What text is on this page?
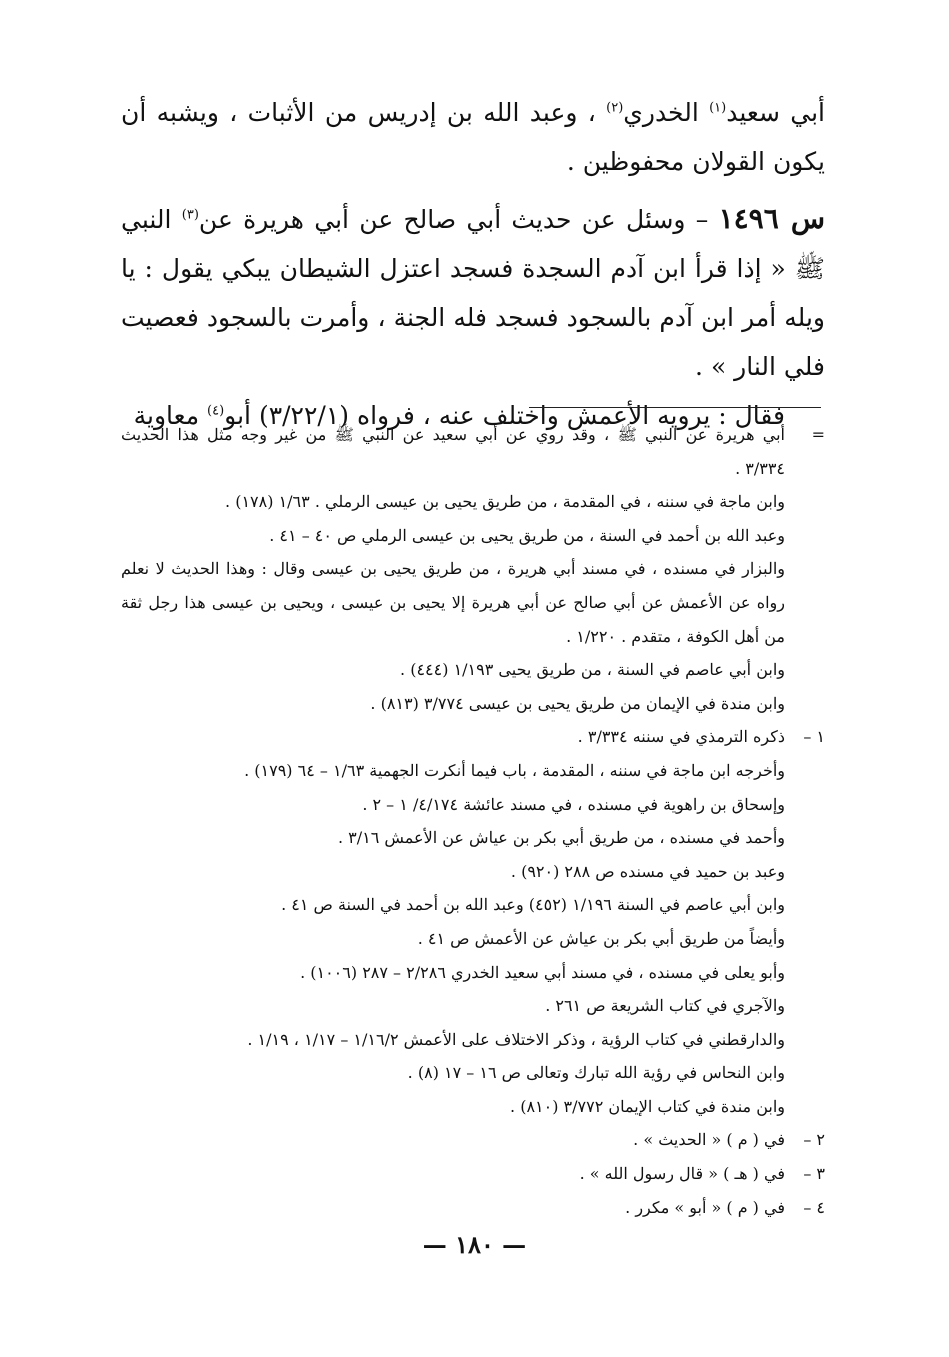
أبي سعيد$^{(١)}$ الخدري$^{(٢)}$ ، وعبد الله بن إدريس من الأثبات ، ويشبه أن يكون القولان محفوظين .

س ١٤٩٦ – وسئل عن حديث أبي صالح عن أبي هريرة عن$^{(٣)}$ النبي ﷺ « إذا قرأ ابن آدم السجدة فسجد اعتزل الشيطان يبكي يقول : يا ويله أمر ابن آدم بالسجود فسجد فله الجنة ، وأمرت بالسجود فعصيت فلي النار » .

فقال : يرويه الأعمش واختلف عنه ، فرواه (٣/٢٢/١) أبو$^{(٤)}$ معاوية

=
أبي هريرة عن النبي ﷺ ، وقد روي عن أبي سعيد عن النبي ﷺ من غير وجه مثل هذا الحديث
٣/٣٣٤ .
وابن ماجة في سننه ، في المقدمة ، من طريق يحيى بن عيسى الرملي . ١/٦٣ (١٧٨) .
وعبد الله بن أحمد في السنة ، من طريق يحيى بن عيسى الرملي ص ٤٠ – ٤١ .
والبزار في مسنده ، في مسند أبي هريرة ، من طريق يحيى بن عيسى وقال : وهذا الحديث لا نعلم
رواه عن الأعمش عن أبي صالح عن أبي هريرة إلا يحيى بن عيسى ، ويحيى بن عيسى هذا رجل ثقة
من أهل الكوفة ، متقدم . ١/٢٢٠ .
وابن أبي عاصم في السنة ، من طريق يحيى ١/١٩٣ (٤٤٤) .
وابن مندة في الإيمان من طريق يحيى بن عيسى ٣/٧٧٤ (٨١٣) .
١ –
ذكره الترمذي في سننه ٣/٣٣٤ .
وأخرجه ابن ماجة في سننه ، المقدمة ، باب فيما أنكرت الجهمية ١/٦٣ – ٦٤ (١٧٩) .
وإسحاق بن راهوية في مسنده ، في مسند عائشة ٤/١٧٤/ ١ – ٢ .
وأحمد في مسنده ، من طريق أبي بكر بن عياش عن الأعمش ٣/١٦ .
وعبد بن حميد في مسنده ص ٢٨٨ (٩٢٠) .
وابن أبي عاصم في السنة ١/١٩٦ (٤٥٢) وعبد الله بن أحمد في السنة ص ٤١ .
وأيضاً من طريق أبي بكر بن عياش عن الأعمش ص ٤١ .
وأبو يعلى في مسنده ، في مسند أبي سعيد الخدري ٢/٢٨٦ – ٢٨٧ (١٠٠٦) .
والآجري في كتاب الشريعة ص ٢٦١ .
والدارقطني في كتاب الرؤية ، وذكر الاختلاف على الأعمش ١/١٦/٢ – ١/١٧ ، ١/١٩ .
وابن النحاس في رؤية الله تبارك وتعالى ص ١٦ – ١٧ (٨) .
وابن مندة في كتاب الإيمان ٣/٧٧٢ (٨١٠) .
٢ –
في ( م ) « الحديث » .
٣ –
في ( هـ ) « قال رسول الله » .
٤ –
في ( م ) « أبو » مكرر .
— ١٨٠ —
